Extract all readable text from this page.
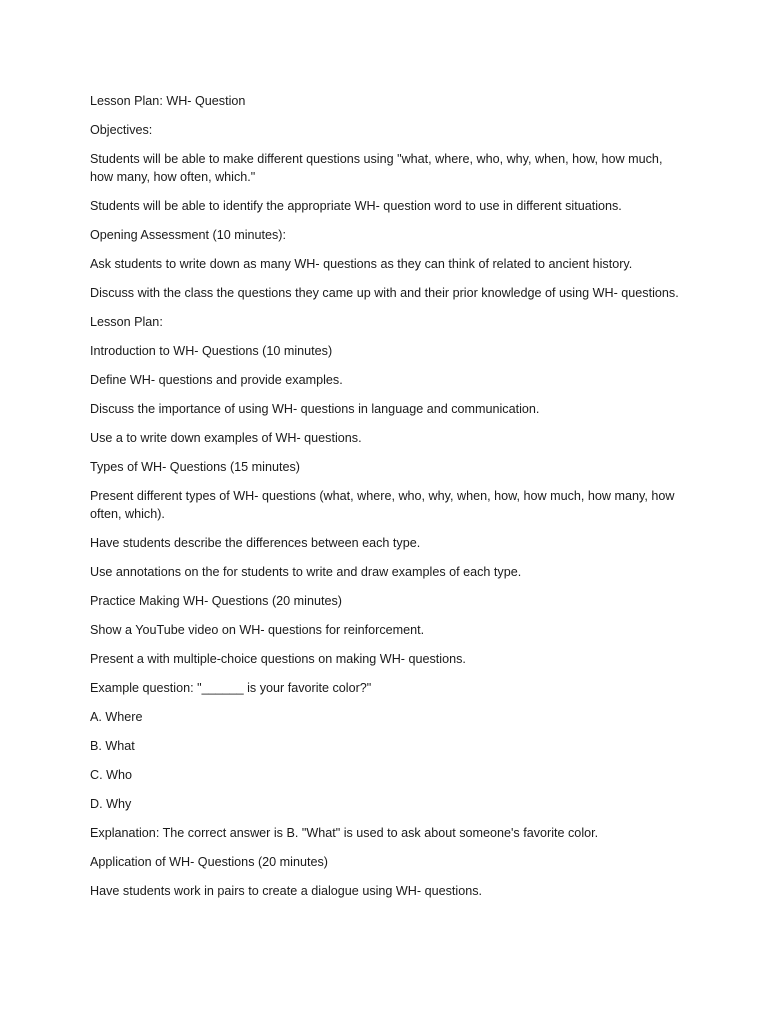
Lesson Plan: WH- Question

Objectives:

Students will be able to make different questions using "what, where, who, why, when, how, how much, how many, how often, which."

Students will be able to identify the appropriate WH- question word to use in different situations.

Opening Assessment (10 minutes):

Ask students to write down as many WH- questions as they can think of related to ancient history.

Discuss with the class the questions they came up with and their prior knowledge of using WH- questions.

Lesson Plan:

Introduction to WH- Questions (10 minutes)

Define WH- questions and provide examples.

Discuss the importance of using WH- questions in language and communication.

Use a to write down examples of WH- questions.

Types of WH- Questions (15 minutes)

Present different types of WH- questions (what, where, who, why, when, how, how much, how many, how often, which).

Have students describe the differences between each type.

Use annotations on the for students to write and draw examples of each type.

Practice Making WH- Questions (20 minutes)

Show a YouTube video on WH- questions for reinforcement.

Present a with multiple-choice questions on making WH- questions.

Example question: "______ is your favorite color?"

A. Where

B. What

C. Who

D. Why

Explanation: The correct answer is B. "What" is used to ask about someone's favorite color.

Application of WH- Questions (20 minutes)

Have students work in pairs to create a dialogue using WH- questions.
